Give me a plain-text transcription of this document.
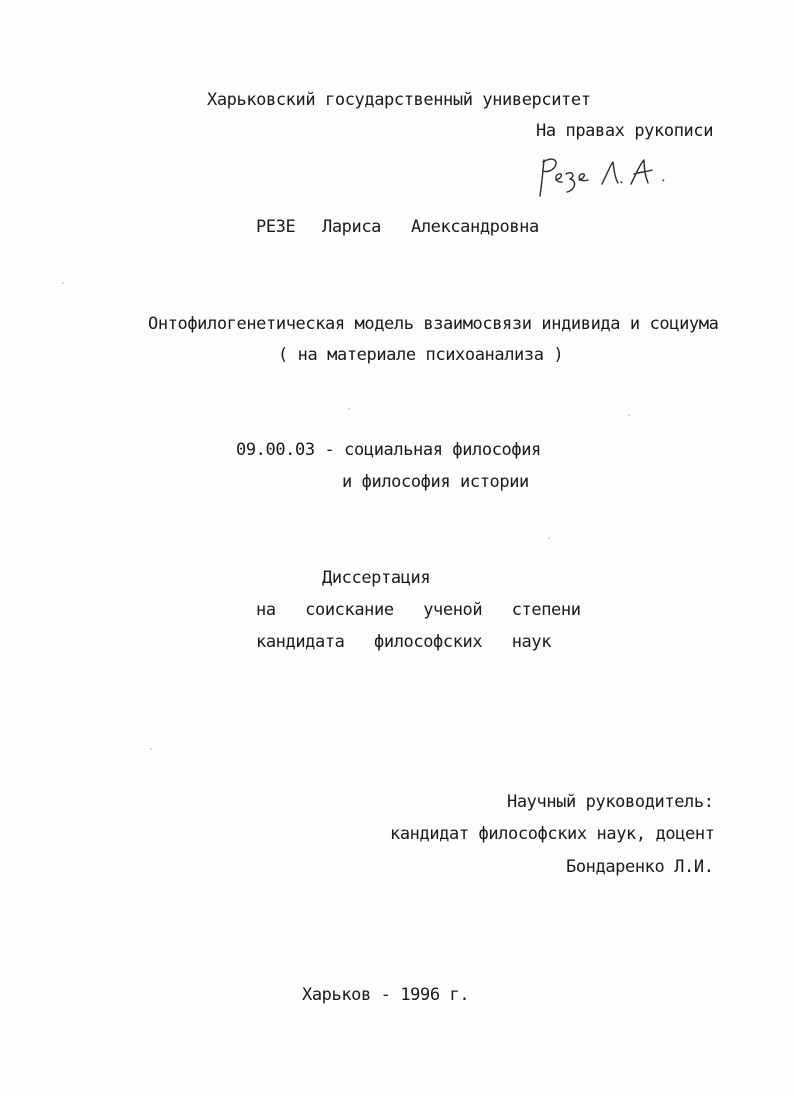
Харьковский государственный университет
На правах рукописи
РЕЗЕ Лариса Александровна
Онтофилогенетическая модель взаимосвязи индивида и социума
( на материале психоанализа )
09.00.03 - социальная философия
и философия истории
Диссертация
на   соискание   ученой   степени
кандидата   философских   наук
Научный руководитель:
кандидат философских наук, доцент
Бондаренко Л.И.
Харьков - 1996 г.
